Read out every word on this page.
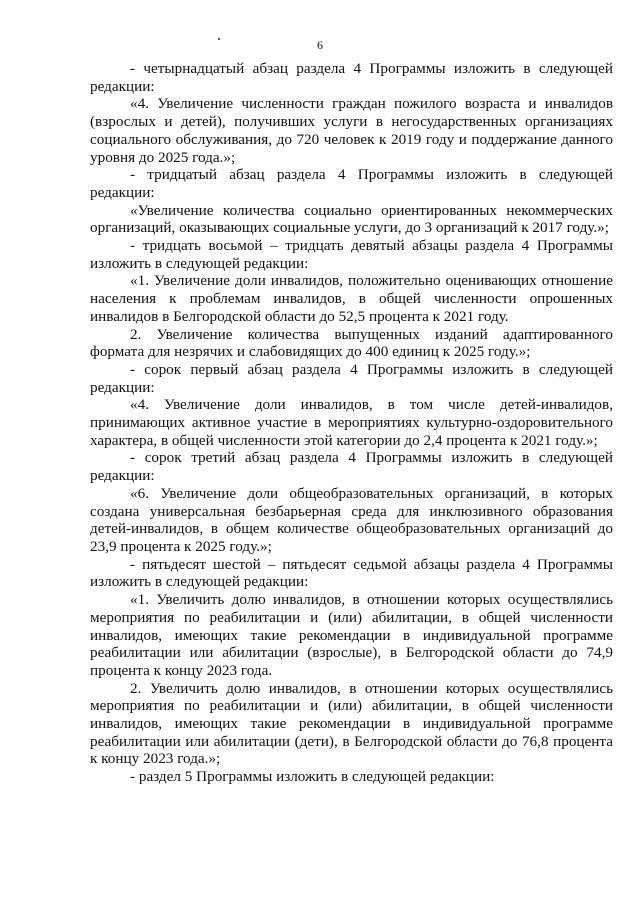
6

- четырнадцатый абзац раздела 4 Программы изложить в следующей редакции:

«4. Увеличение численности граждан пожилого возраста и инвалидов (взрослых и детей), получивших услуги в негосударственных организациях социального обслуживания, до 720 человек к 2019 году и поддержание данного уровня до 2025 года.»;

- тридцатый абзац раздела 4 Программы изложить в следующей редакции:

«Увеличение количества социально ориентированных некоммерческих организаций, оказывающих социальные услуги, до 3 организаций к 2017 году.»;

- тридцать восьмой – тридцать девятый абзацы раздела 4 Программы изложить в следующей редакции:

«1. Увеличение доли инвалидов, положительно оценивающих отношение населения к проблемам инвалидов, в общей численности опрошенных инвалидов в Белгородской области до 52,5 процента к 2021 году.

2. Увеличение количества выпущенных изданий адаптированного формата для незрячих и слабовидящих до 400 единиц к 2025 году.»;

- сорок первый абзац раздела 4 Программы изложить в следующей редакции:

«4. Увеличение доли инвалидов, в том числе детей-инвалидов, принимающих активное участие в мероприятиях культурно-оздоровительного характера, в общей численности этой категории до 2,4 процента к 2021 году.»;

- сорок третий абзац раздела 4 Программы изложить в следующей редакции:

«6. Увеличение доли общеобразовательных организаций, в которых создана универсальная безбарьерная среда для инклюзивного образования детей-инвалидов, в общем количестве общеобразовательных организаций до 23,9 процента к 2025 году.»;

- пятьдесят шестой – пятьдесят седьмой абзацы раздела 4 Программы изложить в следующей редакции:

«1. Увеличить долю инвалидов, в отношении которых осуществлялись мероприятия по реабилитации и (или) абилитации, в общей численности инвалидов, имеющих такие рекомендации в индивидуальной программе реабилитации или абилитации (взрослые), в Белгородской области до 74,9 процента к концу 2023 года.

2. Увеличить долю инвалидов, в отношении которых осуществлялись мероприятия по реабилитации и (или) абилитации, в общей численности инвалидов, имеющих такие рекомендации в индивидуальной программе реабилитации или абилитации (дети), в Белгородской области до 76,8 процента к концу 2023 года.»;

- раздел 5 Программы изложить в следующей редакции:
